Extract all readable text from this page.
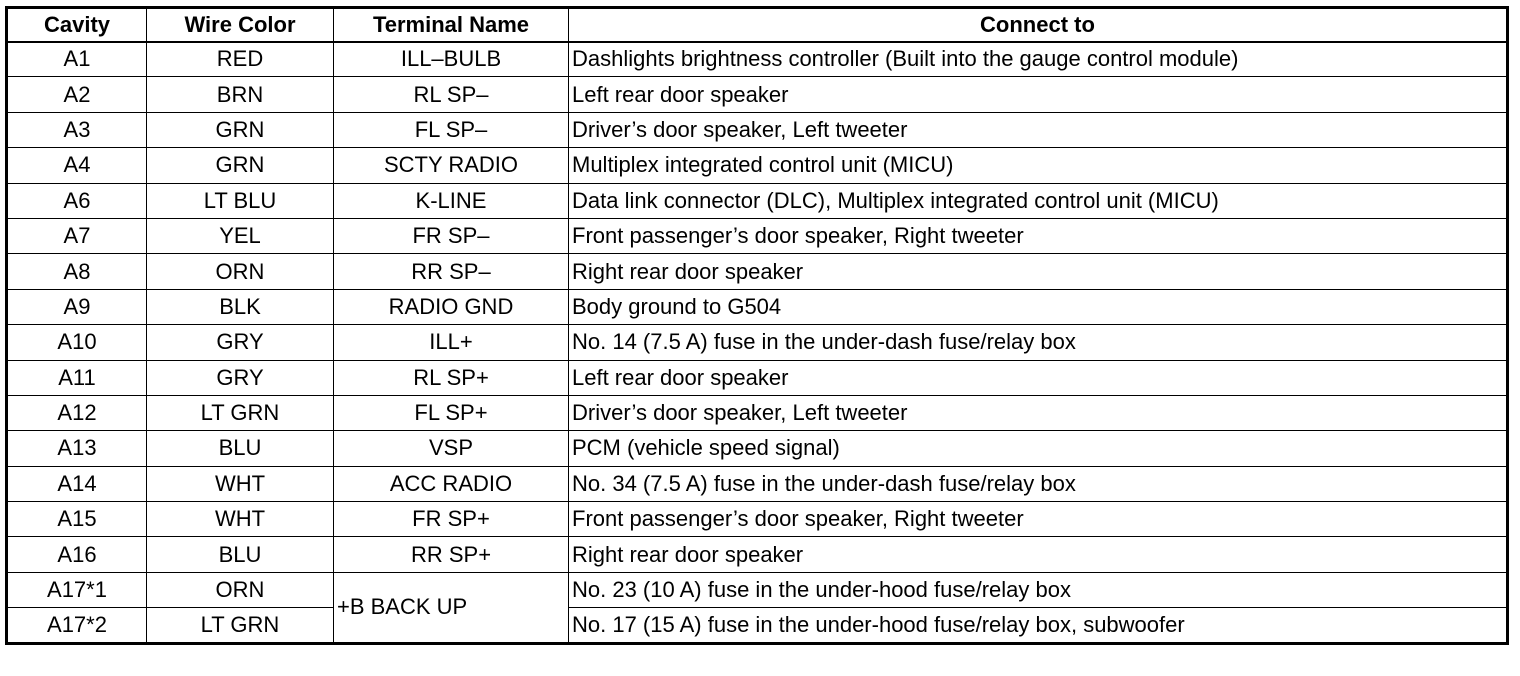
Cavity	Wire Color	Terminal Name	Connect to
A1	RED	ILL–BULB	Dashlights brightness controller (Built into the gauge control module)
A2	BRN	RL SP–	Left rear door speaker
A3	GRN	FL SP–	Driver’s door speaker, Left tweeter
A4	GRN	SCTY RADIO	Multiplex integrated control unit (MICU)
A6	LT BLU	K-LINE	Data link connector (DLC), Multiplex integrated control unit (MICU)
A7	YEL	FR SP–	Front passenger’s door speaker, Right tweeter
A8	ORN	RR SP–	Right rear door speaker
A9	BLK	RADIO GND	Body ground to G504
A10	GRY	ILL+	No. 14 (7.5 A) fuse in the under-dash fuse/relay box
A11	GRY	RL SP+	Left rear door speaker
A12	LT GRN	FL SP+	Driver’s door speaker, Left tweeter
A13	BLU	VSP	PCM (vehicle speed signal)
A14	WHT	ACC RADIO	No. 34 (7.5 A) fuse in the under-dash fuse/relay box
A15	WHT	FR SP+	Front passenger’s door speaker, Right tweeter
A16	BLU	RR SP+	Right rear door speaker
A17*1	ORN	+B BACK UP	No. 23 (10 A) fuse in the under-hood fuse/relay box
A17*2	LT GRN		No. 17 (15 A) fuse in the under-hood fuse/relay box, subwoofer
